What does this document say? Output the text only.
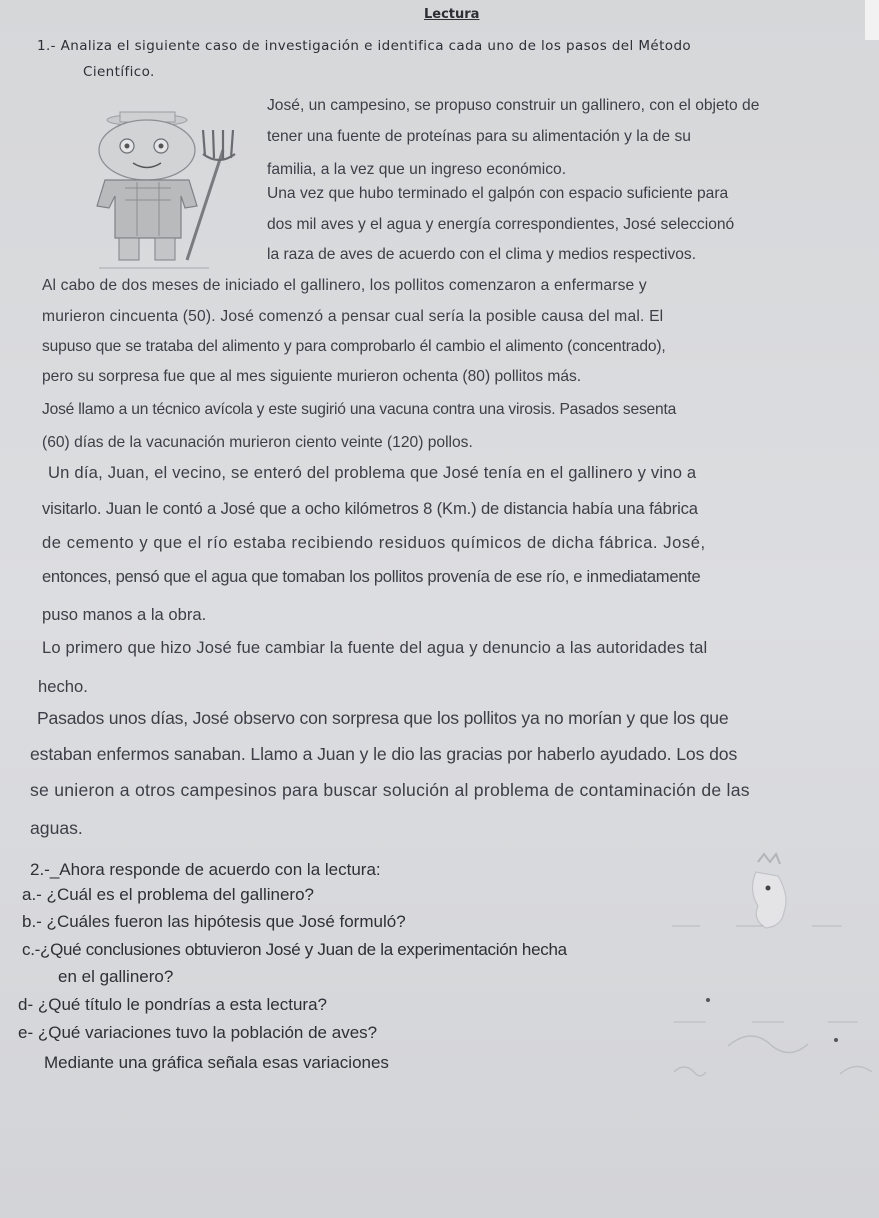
Lectura
1.- Analiza el siguiente caso de investigación e identifica cada uno de los pasos del Método
Científico.
José, un campesino, se propuso construir un gallinero, con el objeto de
tener una fuente de proteínas para su alimentación y la de su
familia, a la vez que un ingreso económico.
Una vez que hubo terminado el galpón con espacio suficiente para
dos mil aves y el agua y energía correspondientes, José seleccionó
la raza de aves de acuerdo con el clima y medios respectivos.
Al cabo de dos meses de iniciado el gallinero, los pollitos comenzaron a enfermarse y
murieron cincuenta (50). José comenzó a pensar cual sería la posible causa del mal. El
supuso que se trataba del alimento y para comprobarlo él cambio el alimento (concentrado),
pero su sorpresa fue que al mes siguiente murieron ochenta (80) pollitos más.
José llamo a un técnico avícola y este sugirió una vacuna contra una virosis. Pasados sesenta
(60) días de la vacunación murieron ciento veinte (120) pollos.
Un día, Juan, el vecino, se enteró del problema que José tenía en el gallinero y vino a
visitarlo. Juan le contó a José que a ocho kilómetros 8 (Km.) de distancia había una fábrica
de cemento y que el río estaba recibiendo residuos químicos de dicha fábrica. José,
entonces, pensó que el agua que tomaban los pollitos provenía de ese río, e inmediatamente
puso manos a la obra.
Lo primero que hizo José fue cambiar la fuente del agua y denuncio a las autoridades tal
hecho.
Pasados unos días, José observo con sorpresa que los pollitos ya no morían y que los que
estaban enfermos sanaban. Llamo a Juan y le dio las gracias por haberlo ayudado. Los dos
se unieron a otros campesinos para buscar solución al problema de contaminación de las
aguas.
2.-_Ahora responde de acuerdo con la lectura:
a.- ¿Cuál es el problema del gallinero?
b.- ¿Cuáles fueron las hipótesis que José formuló?
c.-¿Qué conclusiones obtuvieron José y Juan de la experimentación hecha
en el gallinero?
d- ¿Qué título le pondrías a esta lectura?
e- ¿Qué variaciones tuvo la población de aves?
Mediante una gráfica señala esas variaciones
